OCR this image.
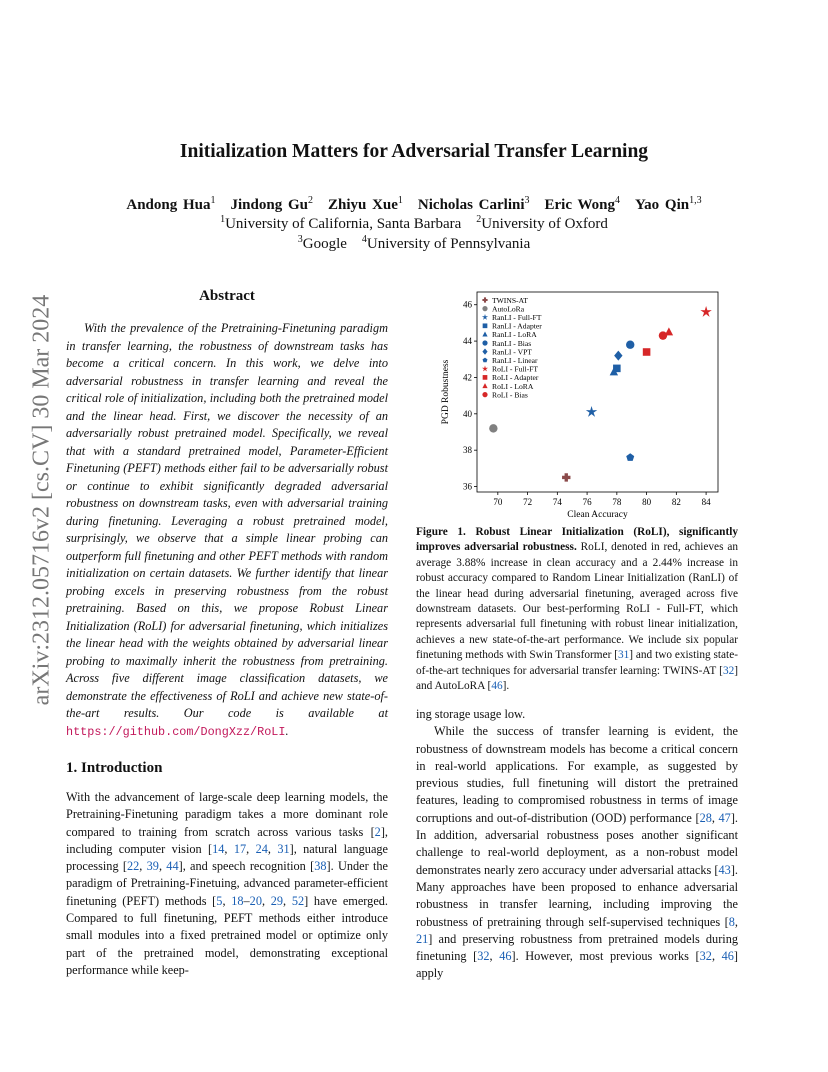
arXiv:2312.05716v2 [cs.CV] 30 Mar 2024
Initialization Matters for Adversarial Transfer Learning
Andong Hua$^1$  Jindong Gu$^2$  Zhiyu Xue$^1$  Nicholas Carlini$^3$  Eric Wong$^4$  Yao Qin$^{1,3}$
$^1$University of California, Santa Barbara  $^2$University of Oxford
$^3$Google  $^4$University of Pennsylvania
Abstract

With the prevalence of the Pretraining-Finetuning paradigm in transfer learning, the robustness of downstream tasks has become a critical concern. In this work, we delve into adversarial robustness in transfer learning and reveal the critical role of initialization, including both the pretrained model and the linear head. First, we discover the necessity of an adversarially robust pretrained model. Specifically, we reveal that with a standard pretrained model, Parameter-Efficient Finetuning (PEFT) methods either fail to be adversarially robust or continue to exhibit significantly degraded adversarial robustness on downstream tasks, even with adversarial training during finetuning. Leveraging a robust pretrained model, surprisingly, we observe that a simple linear probing can outperform full finetuning and other PEFT methods with random initialization on certain datasets. We further identify that linear probing excels in preserving robustness from the robust pretraining. Based on this, we propose Robust Linear Initialization (RoLI) for adversarial finetuning, which initializes the linear head with the weights obtained by adversarial linear probing to maximally inherit the robustness from pretraining. Across five different image classification datasets, we demonstrate the effectiveness of RoLI and achieve new state-of-the-art results. Our code is available at https://github.com/DongXzz/RoLI.

1. Introduction

With the advancement of large-scale deep learning models, the Pretraining-Finetuning paradigm takes a more dominant role compared to training from scratch across various tasks [2], including computer vision [14, 17, 24, 31], natural language processing [22, 39, 44], and speech recognition [38]. Under the paradigm of Pretraining-Finetuing, advanced parameter-efficient finetuning (PEFT) methods [5, 18–20, 29, 52] have emerged. Compared to full finetuning, PEFT methods either introduce small modules into a fixed pretrained model or optimize only part of the pretrained model, demonstrating exceptional performance while keep-

70 72 74 76 78 80 82 84
36
38
40
42
44
46
Clean Accuracy
PGD Robustness
TWINS-AT
AutoLoRa
RanLI - Full-FT
RanLI - Adapter
RanLI - LoRA
RanLI - Bias
RanLI - VPT
RanLI - Linear
RoLI - Full-FT
RoLI - Adapter
RoLI - LoRA
RoLI - Bias
Figure 1. Robust Linear Initialization (RoLI), significantly improves adversarial robustness. RoLI, denoted in red, achieves an average 3.88% increase in clean accuracy and a 2.44% increase in robust accuracy compared to Random Linear Initialization (RanLI) of the linear head during adversarial finetuning, averaged across five downstream datasets. Our best-performing RoLI - Full-FT, which represents adversarial full finetuning with robust linear initialization, achieves a new state-of-the-art performance. We include six popular finetuning methods with Swin Transformer [31] and two existing state-of-the-art techniques for adversarial transfer learning: TWINS-AT [32] and AutoLoRA [46].

ing storage usage low.

While the success of transfer learning is evident, the robustness of downstream models has become a critical concern in real-world applications. For example, as suggested by previous studies, full finetuning will distort the pretrained features, leading to compromised robustness in terms of image corruptions and out-of-distribution (OOD) performance [28, 47]. In addition, adversarial robustness poses another significant challenge to real-world deployment, as a non-robust model demonstrates nearly zero accuracy under adversarial attacks [43]. Many approaches have been proposed to enhance adversarial robustness in transfer learning, including improving the robustness of pretraining through self-supervised techniques [8, 21] and preserving robustness from pretrained models during finetuning [32, 46]. However, most previous works [32, 46] apply
